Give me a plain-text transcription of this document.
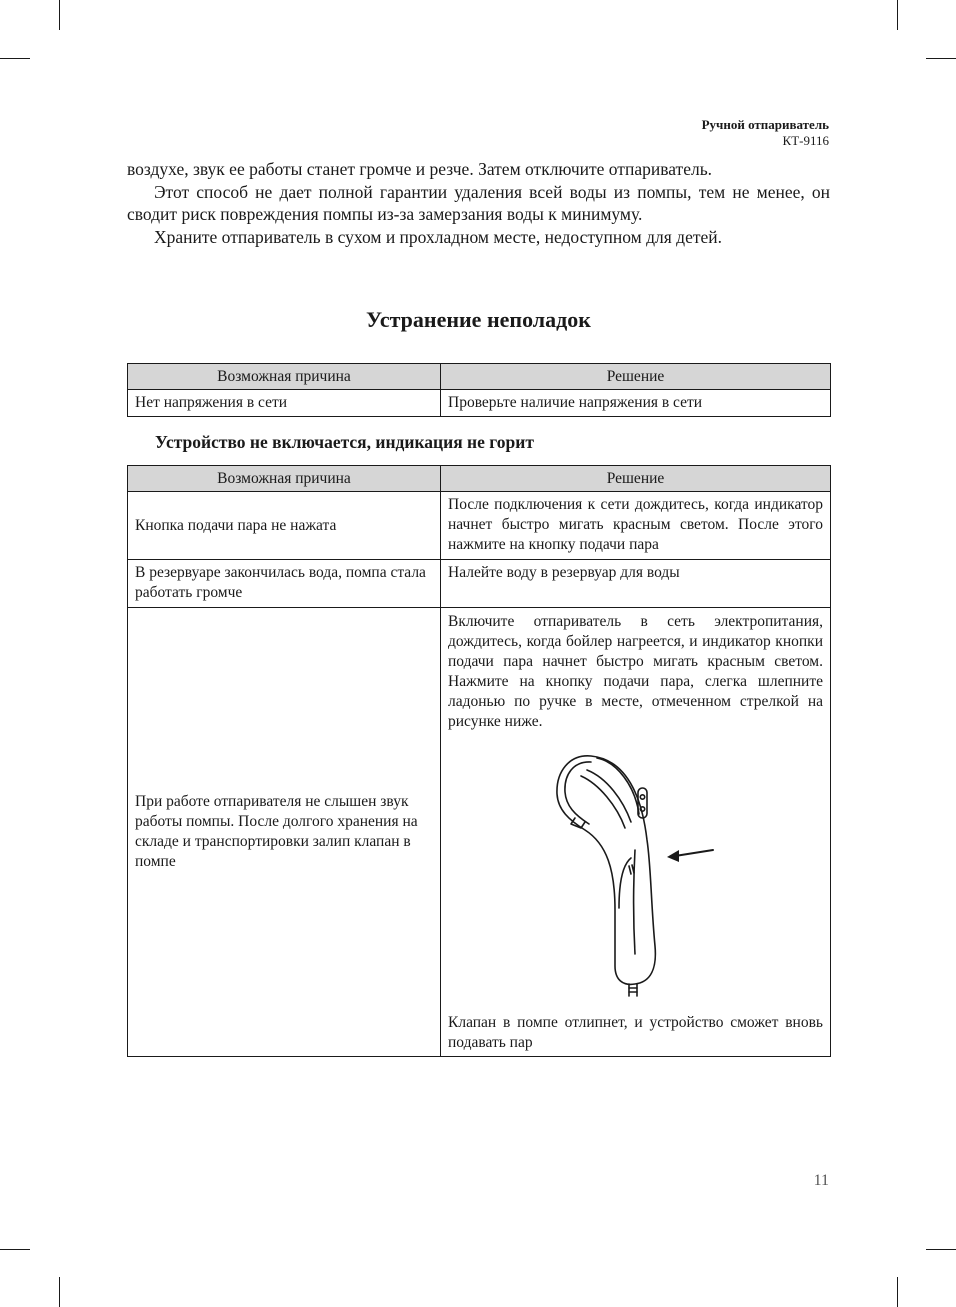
Ручной отпариватель
КТ-9116

воздухе, звук ее работы станет громче и резче. Затем отключите отпариватель.

Этот способ не дает полной гарантии удаления всей воды из помпы, тем не менее, он сводит риск повреждения помпы из-за замерзания воды к минимуму.

Храните отпариватель в сухом и прохладном месте, недоступном для детей.

Устранение неполадок
Возможная причина	Решение
Нет напряжения в сети	Проверьте наличие напряжения в сети
Устройство не включается, индикация не горит
Возможная причина	Решение
Кнопка подачи пара не нажата	После подключения к сети дождитесь, когда индикатор начнет быстро мигать красным светом. После этого нажмите на кнопку подачи пара
В резервуаре закончилась вода, помпа стала работать громче	Налейте воду в резервуар для воды
При работе отпаривателя не слышен звук работы помпы. После долгого хранения на складе и транспортировки залип клапан в помпе	Включите отпариватель в сеть электропитания, дождитесь, когда бойлер нагреется, и индикатор кнопки подачи пара начнет быстро мигать красным светом. Нажмите на кнопку подачи пара, слегка шлепните ладонью по ручке в месте, отмеченном стрелкой на рисунке ниже.
Клапан в помпе отлипнет, и устройство сможет вновь подавать пар
11
